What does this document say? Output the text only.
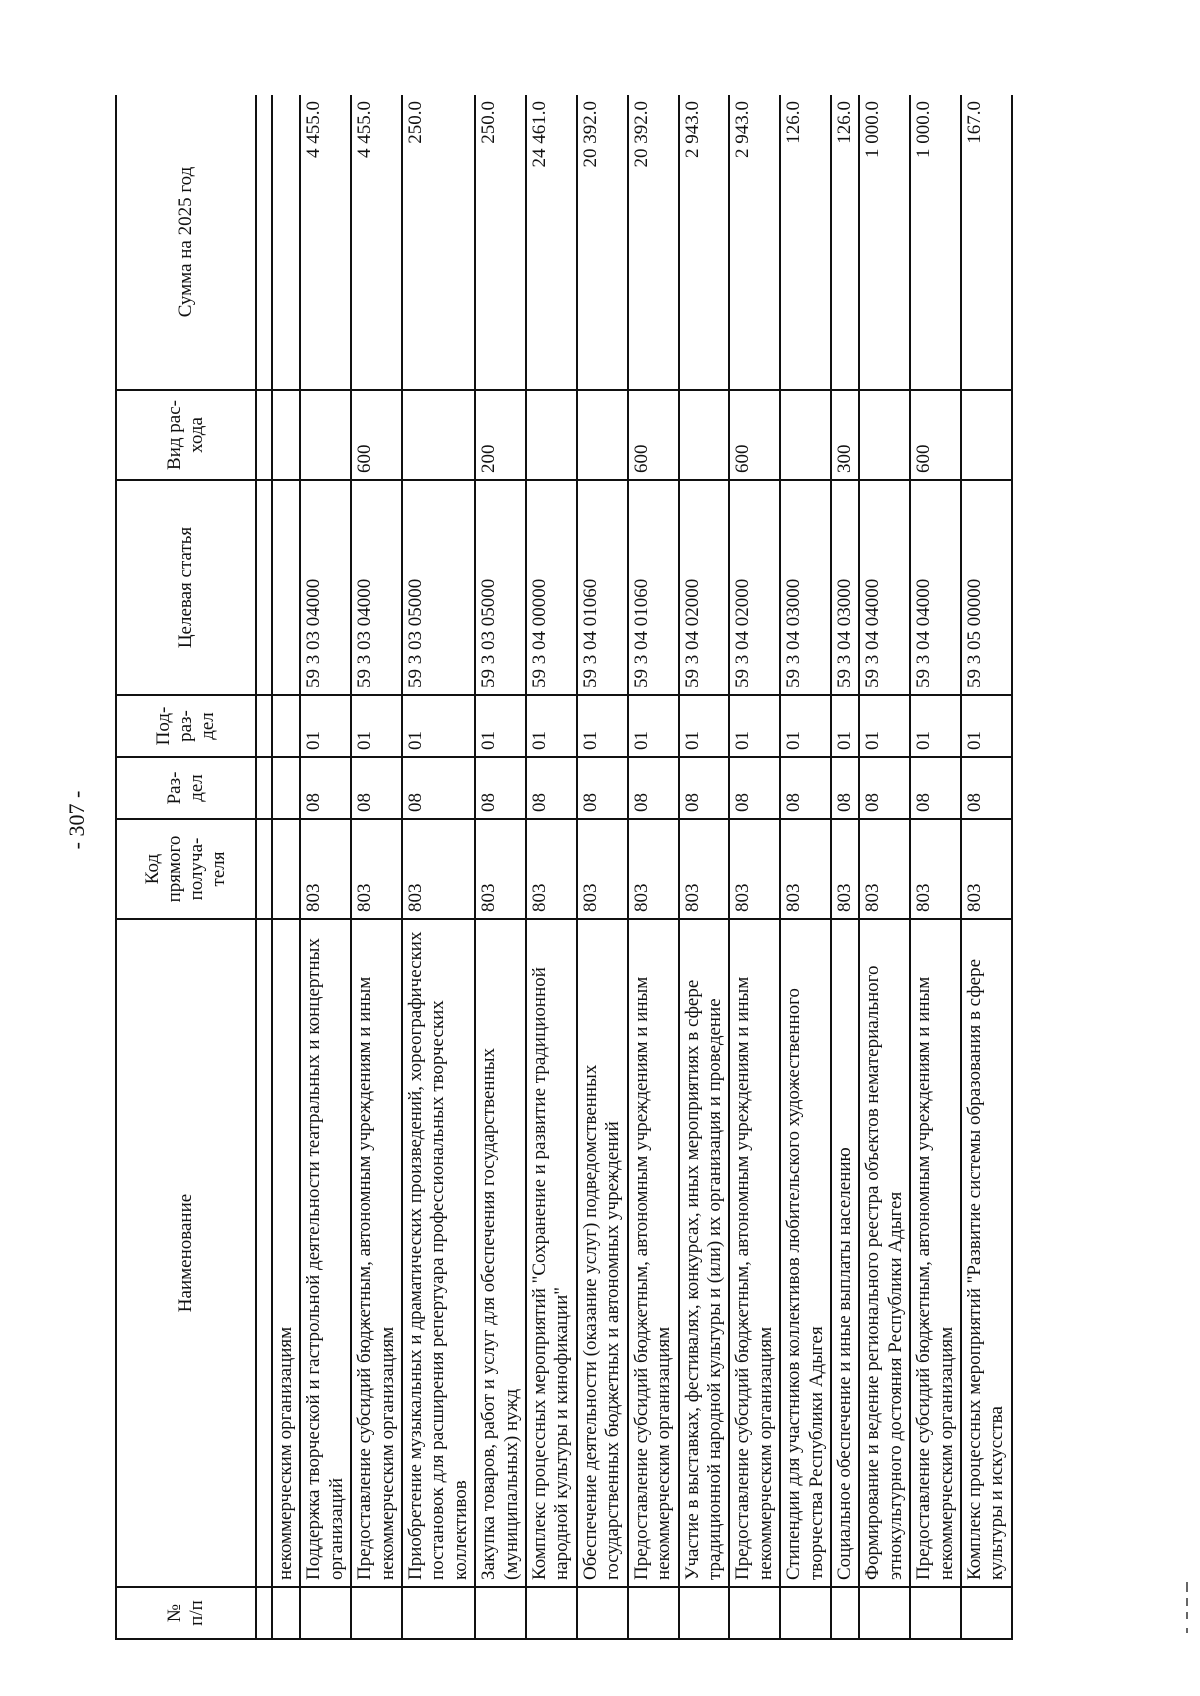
- 307 -
№ п/п	Наименование	Код прямого получа- теля	Раз- дел	Под- раз- дел	Целевая статья	Вид рас- хода	Сумма на 2025 год

	некоммерческим организациям						
	Поддержка творческой и гастрольной деятельности театральных и концертных организаций	803	08	01	59 3 03 04000		4 455.0
	Предоставление субсидий бюджетным, автономным учреждениям и иным некоммерческим организациям	803	08	01	59 3 03 04000	600	4 455.0
	Приобретение музыкальных и драматических произведений, хореографических постановок для расширения репертуара профессиональных творческих коллективов	803	08	01	59 3 03 05000		250.0
	Закупка товаров, работ и услуг для обеспечения государственных (муниципальных) нужд	803	08	01	59 3 03 05000	200	250.0
	Комплекс процессных мероприятий "Сохранение и развитие традиционной народной культуры и кинофикации"	803	08	01	59 3 04 00000		24 461.0
	Обеспечение деятельности (оказание услуг) подведомственных государственных бюджетных и автономных учреждений	803	08	01	59 3 04 01060		20 392.0
	Предоставление субсидий бюджетным, автономным учреждениям и иным некоммерческим организациям	803	08	01	59 3 04 01060	600	20 392.0
	Участие в выставках, фестивалях, конкурсах, иных мероприятиях в сфере традиционной народной культуры и (или) их организация и проведение	803	08	01	59 3 04 02000		2 943.0
	Предоставление субсидий бюджетным, автономным учреждениям и иным некоммерческим организациям	803	08	01	59 3 04 02000	600	2 943.0
	Стипендии для участников коллективов любительского художественного творчества Республики Адыгея	803	08	01	59 3 04 03000		126.0
	Социальное обеспечение и иные выплаты населению	803	08	01	59 3 04 03000	300	126.0
	Формирование и ведение регионального реестра объектов нематериального этнокультурного достояния Республики Адыгея	803	08	01	59 3 04 04000		1 000.0
	Предоставление субсидий бюджетным, автономным учреждениям и иным некоммерческим организациям	803	08	01	59 3 04 04000	600	1 000.0
	Комплекс процессных мероприятий "Развитие системы образования в сфере культуры и искусства	803	08	01	59 3 05 00000		167.0
